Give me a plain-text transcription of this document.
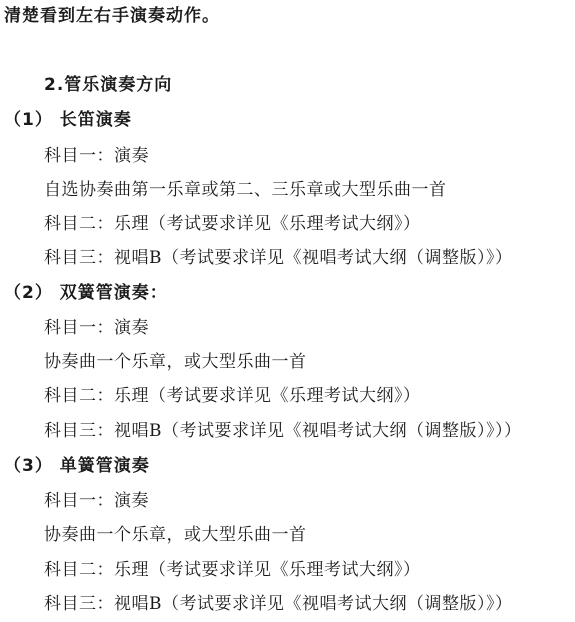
清楚看到左右手演奏动作。
2.管乐演奏方向
（1） 长笛演奏
科目一：演奏
自选协奏曲第一乐章或第二、三乐章或大型乐曲一首
科目二：乐理（考试要求详见《乐理考试大纲》）
科目三：视唱B（考试要求详见《视唱考试大纲（调整版）》）
（2） 双簧管演奏：
科目一：演奏
协奏曲一个乐章，或大型乐曲一首
科目二：乐理（考试要求详见《乐理考试大纲》）
科目三：视唱B（考试要求详见《视唱考试大纲（调整版）》））
（3） 单簧管演奏
科目一：演奏
协奏曲一个乐章，或大型乐曲一首
科目二：乐理（考试要求详见《乐理考试大纲》）
科目三：视唱B（考试要求详见《视唱考试大纲（调整版）》）
